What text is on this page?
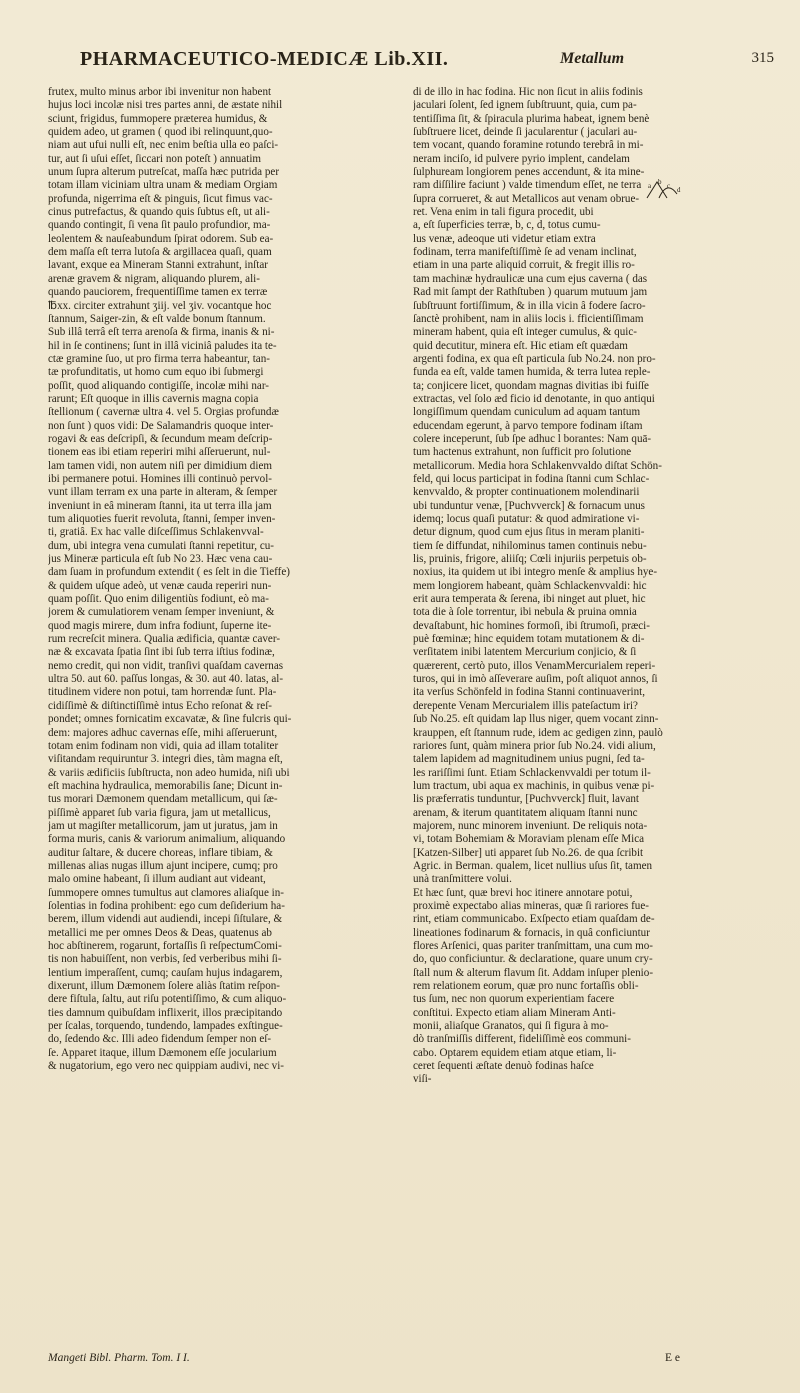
PHARMACEUTICO-MEDICÆ Lib.XII.	Metallum	315
frutex, multo minus arbor ibi invenitur non habent
hujus loci incolæ nisi tres partes anni, de æstate nihil
sciunt, frigidus, fummopere præterea humidus, &
quidem adeo, ut gramen ( quod ibi relinquunt,quo-
niam aut ufui nulli eſt, nec enim beſtia ulla eo paſci-
tur, aut ſi uſui eſſet, ſiccari non poteſt ) annuatim
unum ſupra alterum putreſcat, maſſa hæc putrida per
totam illam viciniam ultra unam & mediam Orgiam
profunda, nigerrima eſt & pinguis, ſicut fimus vac-
cinus putrefactus, & quando quis ſubtus eſt, ut ali-
quando contingit, ſi vena ſit paulo profundior, ma-
leolentem & nauſeabundum ſpirat odorem. Sub ea-
dem maſſa eſt terra lutoſa & argillacea quaſi, quam
lavant, exque ea Mineram Stanni extrahunt, inſtar
arenæ gravem & nigram, aliquando plurem, ali-
quando pauciorem, frequentiſſime tamen ex terræ
℔xx. circiter extrahunt ʒiij. vel ʒiv. vocantque hoc
ſtannum, Saiger-zin, & eſt valde bonum ſtannum.
Sub illâ terrâ eſt terra arenoſa & firma, inanis & ni-
hil in ſe continens; ſunt in illâ viciniâ paludes ita te-
ctæ gramine ſuo, ut pro firma terra habeantur, tan-
tæ profunditatis, ut homo cum equo ibi ſubmergi
poſſit, quod aliquando contigiſſe, incolæ mihi nar-
rarunt; Eſt quoque in illis cavernis magna copia
ſtellionum ( cavernæ ultra 4. vel 5. Orgias profundæ
non ſunt ) quos vidi: De Salamandris quoque inter-
rogavi & eas deſcripſi, & ſecundum meam deſcrip-
tionem eas ibi etiam reperiri mihi aſſeruerunt, nul-
lam tamen vidi, non autem niſi per dimidium diem
ibi permanere potui. Homines illi continuò pervol-
vunt illam terram ex una parte in alteram, & ſemper
inveniunt in eâ mineram ſtanni, ita ut terra illa jam
tum aliquoties fuerit revoluta, ſtanni, ſemper inven-
ti, gratiâ. Ex hac valle diſceſſimus Schlakenvval-
dum, ubi integra vena cumulati ſtanni repetitur, cu-
jus Mineræ particula eſt ſub No 23. Hæc vena cau-
dam ſuam in profundum extendit ( es ſelt in die Tieffe)
& quidem uſque adeò, ut venæ cauda reperiri nun-
quam poſſit. Quo enim diligentiùs fodiunt, eò ma-
jorem & cumulatiorem venam ſemper inveniunt, &
quod magis mirere, dum infra fodiunt, ſuperne ite-
rum recreſcit minera. Qualia ædificia, quantæ caver-
næ & excavata ſpatia ſint ibi ſub terra iſtius fodinæ,
nemo credit, qui non vidit, tranſivi quaſdam cavernas
ultra 50. aut 60. paſſus longas, & 30. aut 40. latas, al-
titudinem videre non potui, tam horrendæ ſunt. Pla-
cidiſſimè & diſtinctiſſimè intus Echo reſonat & reſ-
pondet; omnes fornicatim excavatæ, & ſine fulcris qui-
dem: majores adhuc cavernas eſſe, mihi aſſeruerunt,
totam enim fodinam non vidi, quia ad illam totaliter
viſitandam requiruntur 3. integri dies, tàm magna eſt,
& variis ædificiis ſubſtructa, non adeo humida, niſi ubi
eſt machina hydraulica, memorabilis ſane; Dicunt in-
tus morari Dæmonem quendam metallicum, qui ſæ-
piſſimè apparet ſub varia figura, jam ut metallicus,
jam ut magiſter metallicorum, jam ut juratus, jam in
forma muris, canis & variorum animalium, aliquando
auditur ſaltare, & ducere choreas, inflare tibiam, &
millenas alias nugas illum ajunt incipere, cumq; pro
malo omine habeant, ſi illum audiant aut videant,
ſummopere omnes tumultus aut clamores aliaſque in-
ſolentias in fodina prohibent: ego cum deſiderium ha-
berem, illum videndi aut audiendi, incepi ſiſtulare, &
metallici me per omnes Deos & Deas, quatenus ab
hoc abſtinerem, rogarunt, fortaſſis ſi reſpectumComi-
tis non habuiſſent, non verbis, ſed verberibus mihi ſi-
lentium imperaſſent, cumq; cauſam hujus indagarem,
dixerunt, illum Dæmonem ſolere aliàs ſtatim reſpon-
dere fiſtula, ſaltu, aut riſu potentiſſimo, & cum aliquo-
ties damnum quibuſdam inflixerit, illos præcipitando
per ſcalas, torquendo, tundendo, lampades exſtingue-
do, ſedendo &c. Illi adeo fidendum ſemper non eſ-
ſe. Apparet itaque, illum Dæmonem eſſe jocularium
& nugatorium, ego vero nec quippiam audivi, nec vi-
di de illo in hac fodina. Hic non ſicut in aliis fodinis
jaculari ſolent, ſed ignem ſubſtruunt, quia, cum pa-
tentiſſima ſit, & ſpiracula plurima habeat, ignem benè
ſubſtruere licet, deinde ſi jacularentur ( jaculari au-
tem vocant, quando foramine rotundo terebrâ in mi-
neram inciſo, id pulvere pyrio implent, candelam
ſulphuream longiorem penes accendunt, & ita mine-
ram diſſilire faciunt ) valde timendum eſſet, ne terra
ſupra corrueret, & aut Metallicos aut venam obrue-
ret. Vena enim in tali figura procedit, ubi
a, eſt ſuperficies terræ, b, c, d, totus cumu-
lus venæ, adeoque uti videtur etiam extra
fodinam, terra manifeſtiſſimè ſe ad venam inclinat,
etiam in una parte aliquid corruit, & fregit illis ro-
tam machinæ hydraulicæ una cum ejus caverna ( das
Rad mit ſampt der Rathſtuben ) quarum mutuum jam
ſubſtruunt fortiſſimum, & in illa vicin â fodere ſacro-
ſanctè prohibent, nam in aliis locis i. fficientiſſimam
mineram habent, quia eſt integer cumulus, & quic-
quid decutitur, minera eſt. Hic etiam eſt quædam
argenti fodina, ex qua eſt particula ſub No.24. non pro-
funda ea eſt, valde tamen humida, & terra lutea reple-
ta; conjicere licet, quondam magnas divitias ibi fuiſſe
extractas, vel ſolo æd ficio id denotante, in quo antiqui
longiſſimum quendam cuniculum ad aquam tantum
educendam egerunt, à parvo tempore fodinam iſtam
colere inceperunt, ſub ſpe adhuc l borantes: Nam quā-
tum hactenus extrahunt, non ſufficit pro ſolutione
metallicorum. Media hora Schlakenvvaldo diſtat Schön-
feld, qui locus participat in fodina ſtanni cum Schlac-
kenvvaldo, & propter continuationem molendinarii
ubi tunduntur venæ, [Puchvverck] & fornacum unus
idemq; locus quaſi putatur: & quod admiratione vi-
detur dignum, quod cum ejus ſitus in meram planiti-
tiem ſe diffundat, nihilominus tamen continuis nebu-
lis, pruinis, frigore, aliiſq; Cœli injuriis perpetuis ob-
noxius, ita quidem ut ibi integro menſe & amplius hye-
mem longiorem habeant, quàm Schlackenvvaldi: hic
erit aura temperata & ſerena, ibi ninget aut pluet, hic
tota die à ſole torrentur, ibi nebula & pruina omnia
devaſtabunt, hic homines formoſi, ibi ſtrumoſi, præci-
puè fœminæ; hinc equidem totam mutationem & di-
verſitatem inibi latentem Mercurium conjicio, & ſi
quærerent, certò puto, illos VenamMercurialem reperi-
turos, qui in imò aſſeverare auſim, poſt aliquot annos, ſi
ita verſus Schönfeld in fodina Stanni continuaverint,
derepente Venam Mercurialem illis pateſactum iri?
ſub No.25. eſt quidam lap llus niger, quem vocant zinn-
krauppen, eſt ſtannum rude, idem ac gedigen zinn, paulò
rariores ſunt, quàm minera prior ſub No.24. vidi alium,
talem lapidem ad magnitudinem unius pugni, ſed ta-
les rariſſimi ſunt. Etiam Schlackenvvaldi per totum il-
lum tractum, ubi aqua ex machinis, in quibus venæ pi-
lis præferratis tunduntur, [Puchvverck] fluit, lavant
arenam, & iterum quantitatem aliquam ſtanni nunc
majorem, nunc minorem inveniunt. De reliquis nota-
vi, totam Bohemiam & Moraviam plenam eſſe Mica
[Katzen-Silber] uti apparet ſub No.26. de qua ſcribit
Agric. in Berman. qualem, licet nullius uſus ſit, tamen
unà tranſmittere volui.
Et hæc ſunt, quæ brevi hoc itinere annotare potui,
proximè expectabo alias mineras, quæ ſi rariores fue-
rint, etiam communicabo. Exſpecto etiam quaſdam de-
lineationes fodinarum & fornacis, in quâ conficiuntur
flores Arſenici, quas pariter tranſmittam, una cum mo-
do, quo conficiuntur. & declaratione, quare unum cry-
ſtall num & alterum flavum ſit. Addam inſuper plenio-
rem relationem eorum, quæ pro nunc fortaſſis obli-
tus ſum, nec non quorum experientiam facere
conſtitui. Expecto etiam aliam Mineram Anti-
monii, aliaſque Granatos, qui ſi figura à mo-
dò tranſmiſſis different, fideliſſimè eos communi-
cabo. Optarem equidem etiam atque etiam, li-
ceret ſequenti æſtate denuò fodinas haſce
viſi-
a b c d
Mangeti Bibl. Pharm. Tom. I I.	E e
